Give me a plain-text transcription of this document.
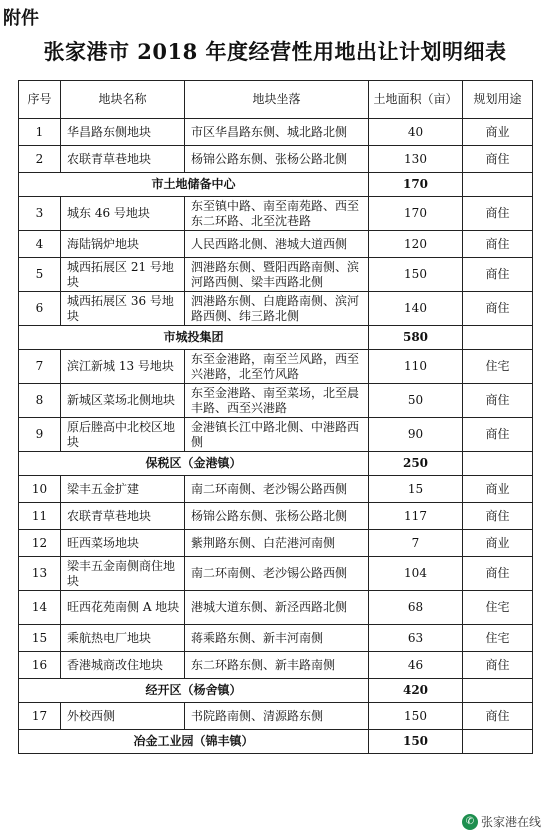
附件
张家港市 2018 年度经营性用地出让计划明细表
序号	地块名称	地块坐落	土地面积（亩）	规划用途
1	华昌路东侧地块	市区华昌路东侧、城北路北侧	40	商业
2	农联青草巷地块	杨锦公路东侧、张杨公路北侧	130	商住
市土地储备中心			170	
3	城东 46 号地块	东至镇中路、南至南苑路、西至东二环路、北至沈巷路	170	商住
4	海陆锅炉地块	人民西路北侧、港城大道西侧	120	商住
5	城西拓展区 21 号地块	泗港路东侧、暨阳西路南侧、滨河路西侧、梁丰西路北侧	150	商住
6	城西拓展区 36 号地块	泗港路东侧、白鹿路南侧、滨河路西侧、纬三路北侧	140	商住
市城投集团			580	
7	滨江新城 13 号地块	东至金港路，南至兰风路，西至兴港路，北至竹风路	110	住宅
8	新城区菜场北侧地块	东至金港路、南至菜场，北至晨丰路、西至兴港路	50	商住
9	原后塍高中北校区地块	金港镇长江中路北侧、中港路西侧	90	商住
保税区（金港镇）			250	
10	梁丰五金扩建	南二环南侧、老沙锡公路西侧	15	商业
11	农联青草巷地块	杨锦公路东侧、张杨公路北侧	117	商住
12	旺西菜场地块	紫荆路东侧、白茫港河南侧	7	商业
13	梁丰五金南侧商住地块	南二环南侧、老沙锡公路西侧	104	商住
14	旺西花苑南侧 A 地块	港城大道东侧、新泾西路北侧	68	住宅
15	乘航热电厂地块	蒋乘路东侧、新丰河南侧	63	住宅
16	香港城商改住地块	东二环路东侧、新丰路南侧	46	商住
经开区（杨舍镇）			420	
17	外校西侧	书院路南侧、清源路东侧	150	商住
冶金工业园（锦丰镇）			150	
✆ 张家港在线
